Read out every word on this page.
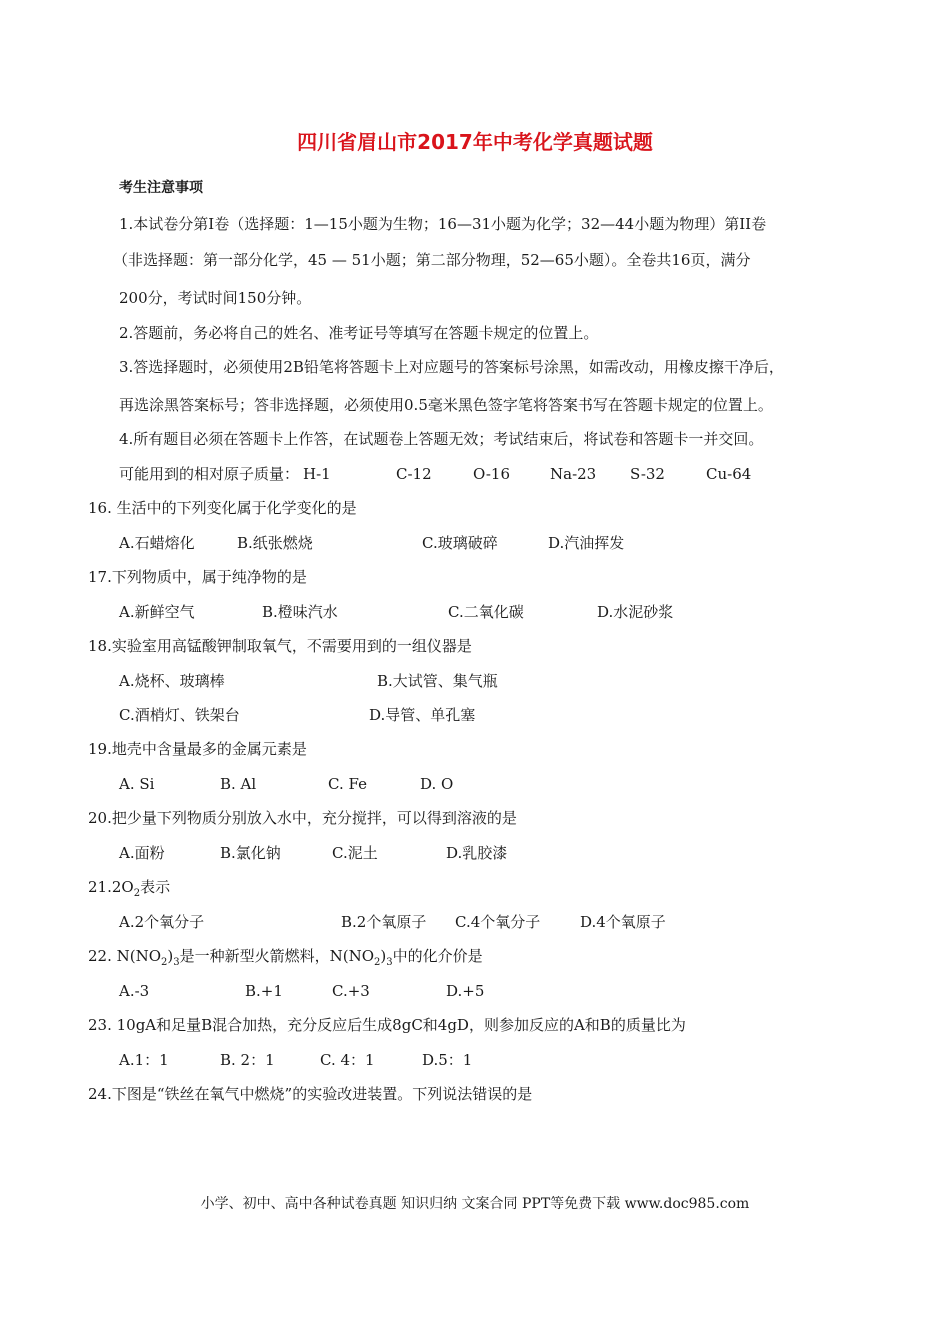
四川省眉山市2017年中考化学真题试题
考生注意事项
1.本试卷分第I卷（选择题：1—15小题为生物；16—31小题为化学；32—44小题为物理）第II卷
（非选择题：第一部分化学，45 — 51小题；第二部分物理，52—65小题）。全卷共16页，满分
200分，考试时间150分钟。
2.答题前，务必将自己的姓名、准考证号等填写在答题卡规定的位置上。
3.答选择题时，必须使用2B铅笔将答题卡上对应题号的答案标号涂黑，如需改动，用橡皮擦干净后，
再选涂黑答案标号；答非选择题，必须使用0.5毫米黑色签字笔将答案书写在答题卡规定的位置上。
4.所有题目必须在答题卡上作答，在试题卷上答题无效；考试结束后，将试卷和答题卡一并交回。
可能用到的相对原子质量： H-1	C-12	O-16	Na-23 S-32	Cu-64
16. 生活中的下列变化属于化学变化的是
A.石蜡熔化	B.纸张燃烧	C.玻璃破碎	D.汽油挥发
17.下列物质中，属于纯净物的是
A.新鲜空气	B.橙味汽水	C.二氧化碳	D.水泥砂浆
18.实验室用高锰酸钾制取氧气，不需要用到的一组仪器是
A.烧杯、玻璃棒	B.大试管、集气瓶
C.酒梢灯、铁架台	D.导管、单孔塞
19.地壳中含量最多的金属元素是
A. Si	B. Al	C. Fe	D. O
20.把少量下列物质分别放入水中，充分搅拌，可以得到溶液的是
A.面粉	B.氯化钠	C.泥土	D.乳胶漆
$21.2O_2$表示
A.2个氧分子	B.2个氧原子 C.4个氧分子	D.4个氧原子
22. $N(NO_2)_3$是一种新型火箭燃料，$N(NO_2)_3$中的化介价是
A.-3	B.+1	C.+3	D.+5
23. 10gA和足量B混合加热，充分反应后生成8gC和4gD，则参加反应的A和B的质量比为
A.1：1	B. 2：1	C. 4：1	D.5：1
24.下图是“铁丝在氧气中燃烧”的实验改进装置。下列说法错误的是
小学、初中、高中各种试卷真题 知识归纳 文案合同 PPT等免费下载 www.doc985.com
